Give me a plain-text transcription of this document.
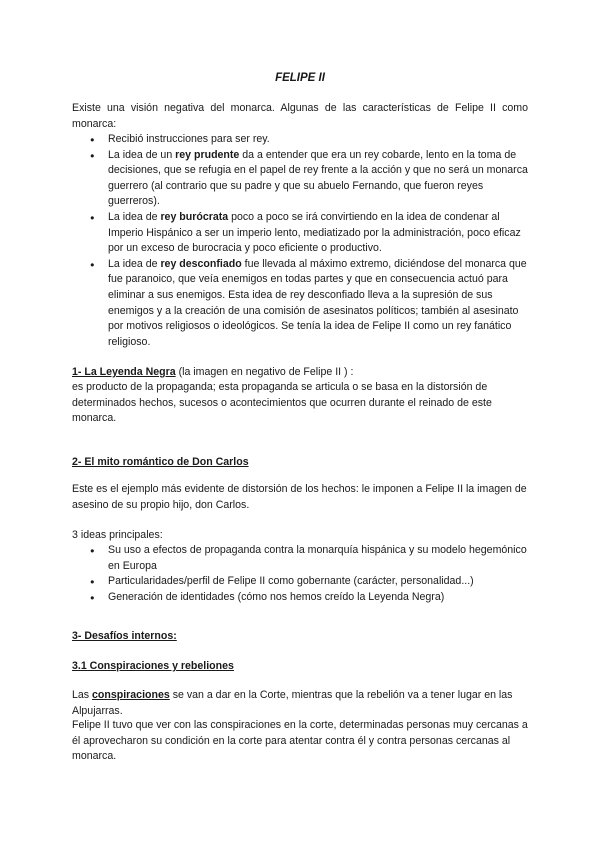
FELIPE II

Existe una visión negativa del monarca. Algunas de las características de Felipe II como monarca:

● Recibió instrucciones para ser rey.
● La idea de un rey prudente da a entender que era un rey cobarde, lento en la toma de decisiones, que se refugia en el papel de rey frente a la acción y que no será un monarca guerrero (al contrario que su padre y que su abuelo Fernando, que fueron reyes guerreros).
● La idea de rey burócrata poco a poco se irá convirtiendo en la idea de condenar al Imperio Hispánico a ser un imperio lento, mediatizado por la administración, poco eficaz por un exceso de burocracia y poco eficiente o productivo.
● La idea de rey desconfiado fue llevada al máximo extremo, diciéndose del monarca que fue paranoico, que veía enemigos en todas partes y que en consecuencia actuó para eliminar a sus enemigos. Esta idea de rey desconfiado lleva a la supresión de sus enemigos y a la creación de una comisión de asesinatos políticos; también al asesinato por motivos religiosos o ideológicos. Se tenía la idea de Felipe II como un rey fanático religioso.

1- La Leyenda Negra (la imagen en negativo de Felipe II ) :

es producto de la propaganda; esta propaganda se articula o se basa en la distorsión de determinados hechos, sucesos o acontecimientos que ocurren durante el reinado de este monarca.

2- El mito romántico de Don Carlos

Este es el ejemplo más evidente de distorsión de los hechos: le imponen a Felipe II la imagen de asesino de su propio hijo, don Carlos.

3 ideas principales:

● Su uso a efectos de propaganda contra la monarquía hispánica y su modelo hegemónico en Europa
● Particularidades/perfil de Felipe II como gobernante (carácter, personalidad...)
● Generación de identidades (cómo nos hemos creído la Leyenda Negra)

3- Desafíos internos:

3.1 Conspiraciones y rebeliones

Las conspiraciones se van a dar en la Corte, mientras que la rebelión va a tener lugar en las Alpujarras.

Felipe II tuvo que ver con las conspiraciones en la corte, determinadas personas muy cercanas a él aprovecharon su condición en la corte para atentar contra él y contra personas cercanas al monarca.
